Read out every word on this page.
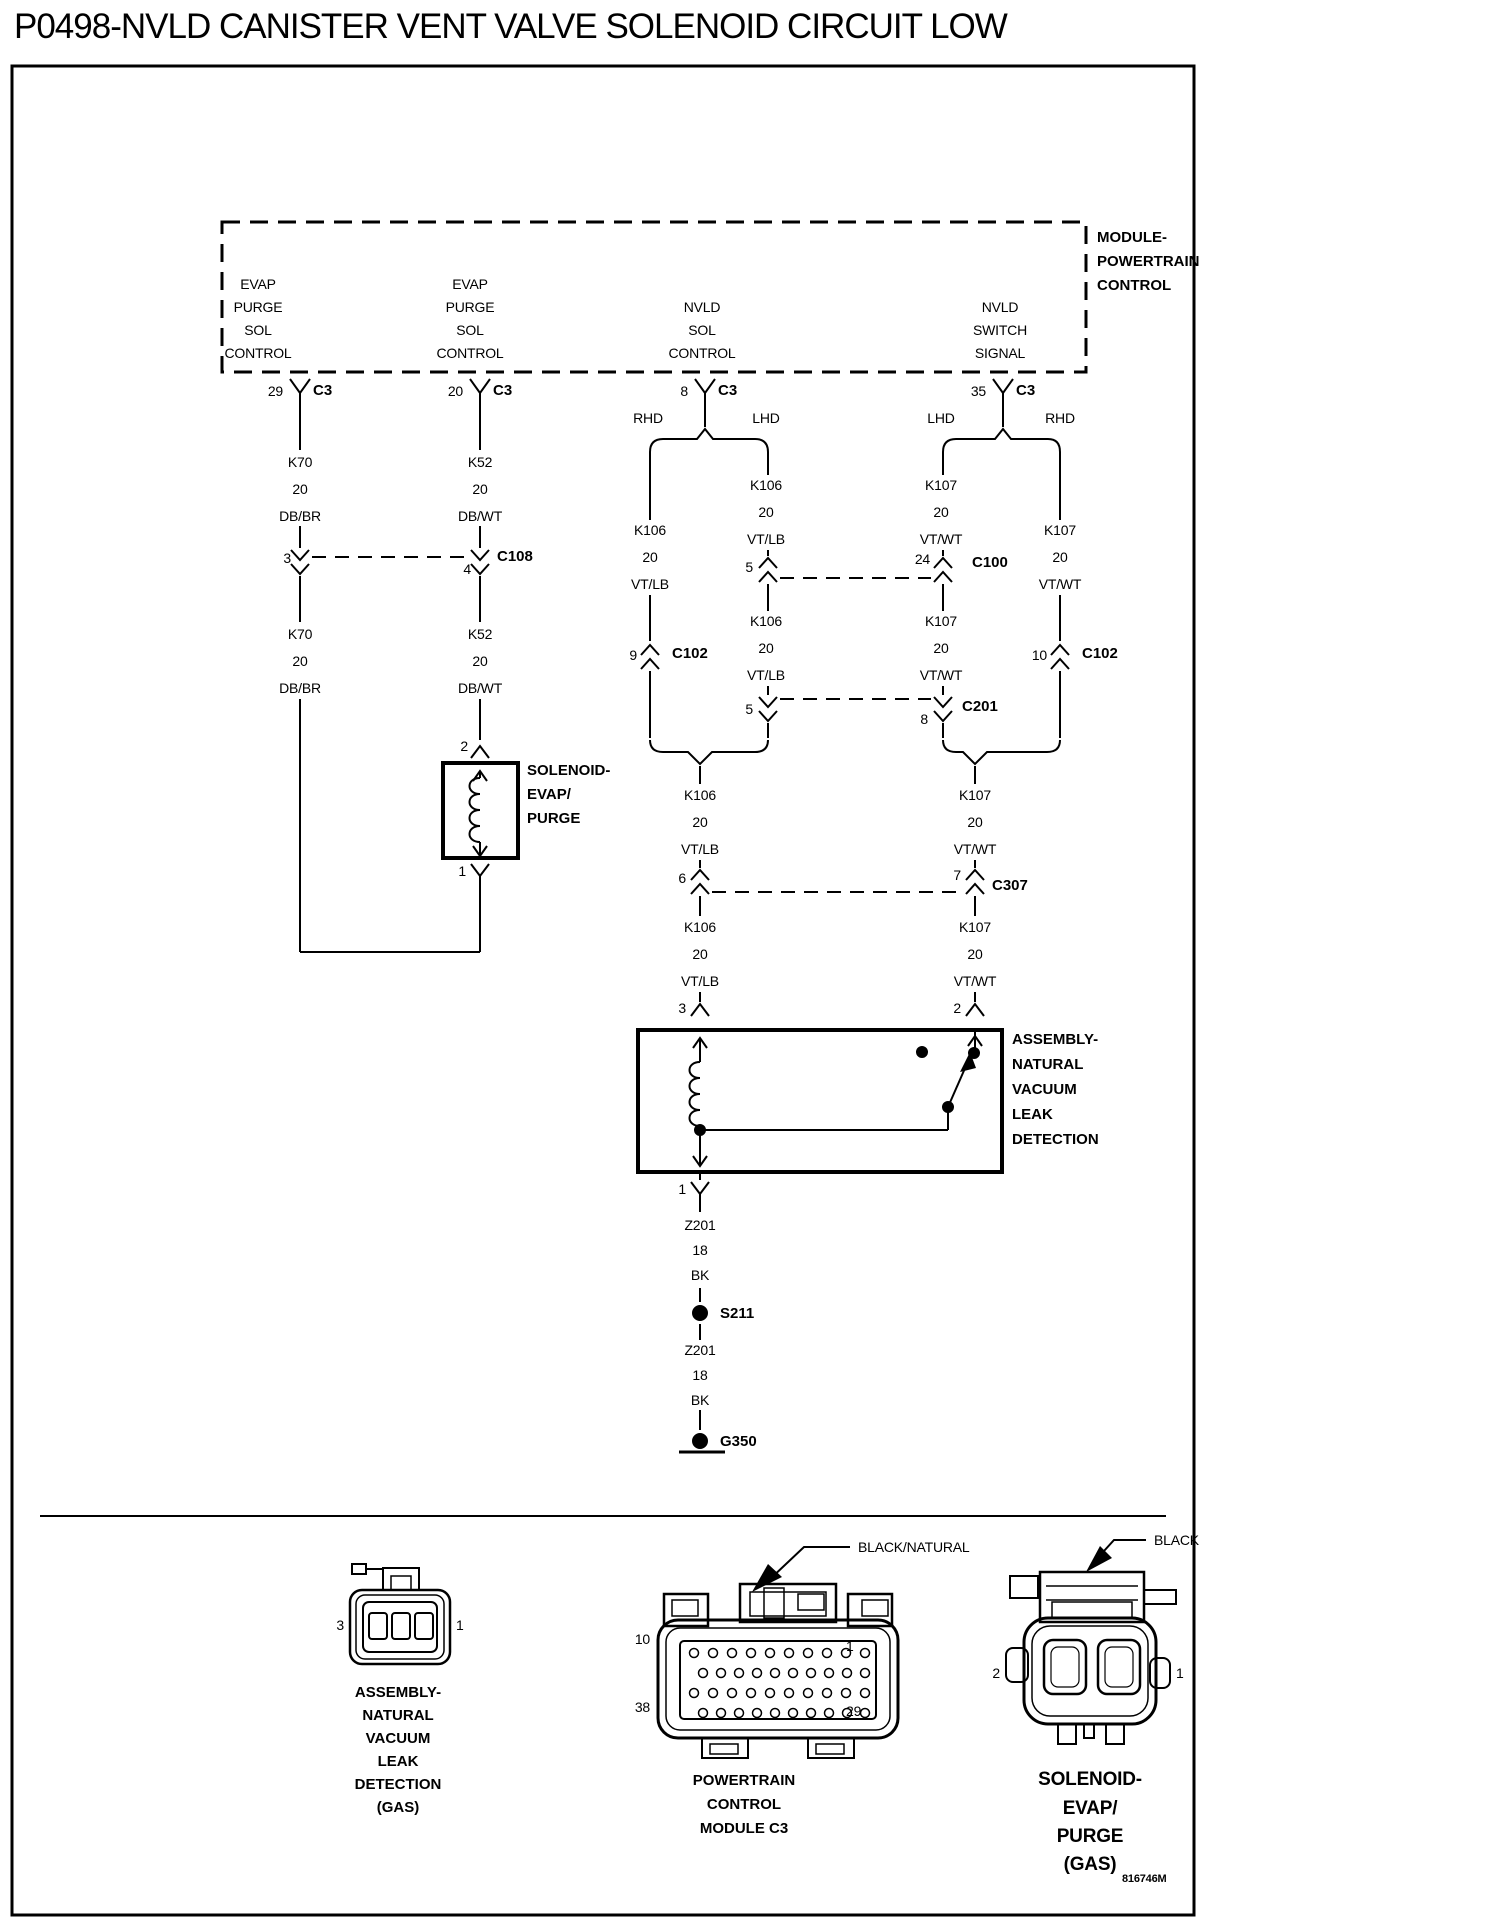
P0498-NVLD CANISTER VENT VALVE SOLENOID CIRCUIT LOW
MODULE-
POWERTRAIN
CONTROL
EVAP
PURGE
SOL
CONTROL
EVAP
PURGE
SOL
CONTROL
NVLD
SOL
CONTROL
NVLD
SWITCH
SIGNAL
29 C3	20 C3	8 C3	35 C3
RHD	LHD	LHD	RHD
K70
20
DB/BR
K52
20
DB/WT
K70
20
DB/BR
K52
20
DB/WT
K106
20
VT/LB
K107
20
VT/WT
K106
20
VT/LB
K107
20
VT/WT
K106
20
VT/LB
K107
20
VT/WT
K106
20
VT/LB
K107
20
VT/WT
K106
20
VT/LB
K107
20
VT/WT
3
4
C108
5	24	C100
9 C102	10 C102
5
8
C201
6	7
C307
2
1
SOLENOID-
EVAP/
PURGE
3	2
1
ASSEMBLY-
NATURAL
VACUUM
LEAK
DETECTION
Z201
18
BK
S211
Z201
18
BK
G350
3	1
ASSEMBLY-
NATURAL
VACUUM
LEAK
DETECTION
(GAS)
10
38
1
29
BLACK/NATURAL
POWERTRAIN
CONTROL
MODULE C3
2	1
BLACK
SOLENOID-
EVAP/
PURGE
(GAS)
816746M
